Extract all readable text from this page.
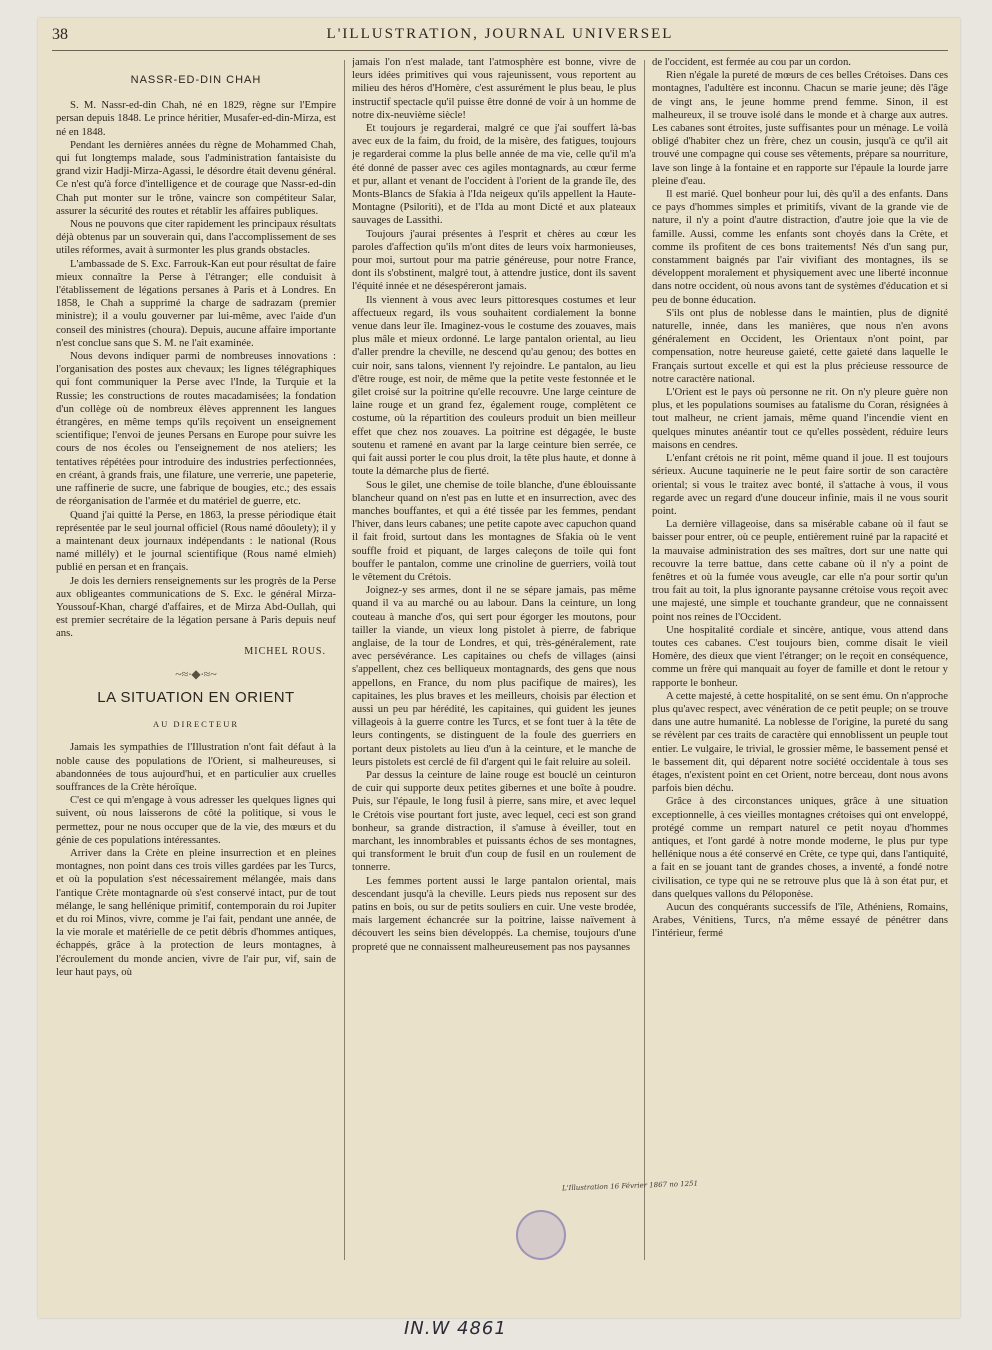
38	L'ILLUSTRATION, JOURNAL UNIVERSEL
NASSR-ED-DIN CHAH

S. M. Nassr-ed-din Chah, né en 1829, règne sur l'Empire persan depuis 1848. Le prince héritier, Musafer-ed-din-Mirza, est né en 1848.

Pendant les dernières années du règne de Mohammed Chah, qui fut longtemps malade, sous l'administration fantaisiste du grand vizir Hadji-Mirza-Agassi, le désordre était devenu général. Ce n'est qu'à force d'intelligence et de courage que Nassr-ed-din Chah put monter sur le trône, vaincre son compétiteur Salar, assurer la sécurité des routes et rétablir les affaires publiques.

Nous ne pouvons que citer rapidement les principaux résultats déjà obtenus par un souverain qui, dans l'accomplissement de ses utiles réformes, avait à surmonter les plus grands obstacles.

L'ambassade de S. Exc. Farrouk-Kan eut pour résultat de faire mieux connaître la Perse à l'étranger; elle conduisit à l'établissement de légations persanes à Paris et à Londres. En 1858, le Chah a supprimé la charge de sadrazam (premier ministre); il a voulu gouverner par lui-même, avec l'aide d'un conseil des ministres (choura). Depuis, aucune affaire importante n'est conclue sans que S. M. ne l'ait examinée.

Nous devons indiquer parmi de nombreuses innovations : l'organisation des postes aux chevaux; les lignes télégraphiques qui font communiquer la Perse avec l'Inde, la Turquie et la Russie; les constructions de routes macadamisées; la fondation d'un collège où de nombreux élèves apprennent les langues étrangères, en même temps qu'ils reçoivent un enseignement scientifique; l'envoi de jeunes Persans en Europe pour suivre les cours de nos écoles ou l'enseignement de nos ateliers; les tentatives répétées pour introduire des industries perfectionnées, en créant, à grands frais, une filature, une verrerie, une papeterie, une raffinerie de sucre, une fabrique de bougies, etc.; des essais de réorganisation de l'armée et du matériel de guerre, etc.

Quand j'ai quitté la Perse, en 1863, la presse périodique était représentée par le seul journal officiel (Rous namé dôoulety); il y a maintenant deux journaux indépendants : le national (Rous namé millély) et le journal scientifique (Rous namé elmieh) publié en persan et en français.

Je dois les derniers renseignements sur les progrès de la Perse aux obligeantes communications de S. Exc. le général Mirza-Youssouf-Khan, chargé d'affaires, et de Mirza Abd-Oullah, qui est premier secrétaire de la légation persane à Paris depuis neuf ans.

MICHEL ROUS.
~≈∙◆∙≈~
LA SITUATION EN ORIENT
AU DIRECTEUR

Jamais les sympathies de l'Illustration n'ont fait défaut à la noble cause des populations de l'Orient, si malheureuses, si abandonnées de tous aujourd'hui, et en particulier aux cruelles souffrances de la Crète héroïque.

C'est ce qui m'engage à vous adresser les quelques lignes qui suivent, où nous laisserons de côté la politique, si vous le permettez, pour ne nous occuper que de la vie, des mœurs et du génie de ces populations intéressantes.

Arriver dans la Crète en pleine insurrection et en pleines montagnes, non point dans ces trois villes gardées par les Turcs, et où la population s'est nécessairement mélangée, mais dans l'antique Crète montagnarde où s'est conservé intact, pur de tout mélange, le sang hellénique primitif, contemporain du roi Jupiter et du roi Minos, vivre, comme je l'ai fait, pendant une année, de la vie morale et matérielle de ce petit débris d'hommes antiques, échappés, grâce à la protection de leurs montagnes, à l'écroulement du monde ancien, vivre de l'air pur, vif, sain de leur haut pays, où

jamais l'on n'est malade, tant l'atmosphère est bonne, vivre de leurs idées primitives qui vous rajeunissent, vous reportent au milieu des héros d'Homère, c'est assurément le plus beau, le plus instructif spectacle qu'il puisse être donné de voir à un homme de notre dix-neuvième siècle!

Et toujours je regarderai, malgré ce que j'ai souffert là-bas avec eux de la faim, du froid, de la misère, des fatigues, toujours je regarderai comme la plus belle année de ma vie, celle qu'il m'a été donné de passer avec ces agiles montagnards, au cœur ferme et pur, allant et venant de l'occident à l'orient de la grande île, des Monts-Blancs de Sfakia à l'Ida neigeux qu'ils appellent la Haute-Montagne (Psiloriti), et de l'Ida au mont Dicté et aux plateaux sauvages de Lassithi.

Toujours j'aurai présentes à l'esprit et chères au cœur les paroles d'affection qu'ils m'ont dites de leurs voix harmonieuses, pour moi, surtout pour ma patrie généreuse, pour notre France, dont ils s'obstinent, malgré tout, à attendre justice, dont ils savent l'équité innée et ne désespéreront jamais.

Ils viennent à vous avec leurs pittoresques costumes et leur affectueux regard, ils vous souhaitent cordialement la bonne venue dans leur île. Imaginez-vous le costume des zouaves, mais plus mâle et mieux ordonné. Le large pantalon oriental, au lieu d'aller prendre la cheville, ne descend qu'au genou; des bottes en cuir noir, sans talons, viennent l'y rejoindre. Le pantalon, au lieu d'être rouge, est noir, de même que la petite veste festonnée et le gilet croisé sur la poitrine qu'elle recouvre. Une large ceinture de laine rouge et un grand fez, également rouge, complètent ce costume, où la répartition des couleurs produit un bien meilleur effet que chez nos zouaves. La poitrine est dégagée, le buste soutenu et ramené en avant par la large ceinture bien serrée, ce qui fait aussi porter le cou plus droit, la tête plus haute, et donne à toute la démarche plus de fierté.

Sous le gilet, une chemise de toile blanche, d'une éblouissante blancheur quand on n'est pas en lutte et en insurrection, avec des manches bouffantes, et qui a été tissée par les femmes, pendant l'hiver, dans leurs cabanes; une petite capote avec capuchon quand il fait froid, surtout dans les montagnes de Sfakia où le vent souffle froid et piquant, de larges caleçons de toile qui font bouffer le pantalon, comme une crinoline de guerriers, voilà tout le vêtement du Crétois.

Joignez-y ses armes, dont il ne se sépare jamais, pas même quand il va au marché ou au labour. Dans la ceinture, un long couteau à manche d'os, qui sert pour égorger les moutons, pour tailler la viande, un vieux long pistolet à pierre, de fabrique anglaise, de la tour de Londres, et qui, très-généralement, rate avec persévérance. Les capitaines ou chefs de villages (ainsi s'appellent, chez ces belliqueux montagnards, des gens que nous appellons, en France, du nom plus pacifique de maires), les capitaines, les plus braves et les meilleurs, choisis par élection et aussi un peu par hérédité, les capitaines, qui guident les jeunes villageois à la guerre contre les Turcs, et se font tuer à la tête de leurs contingents, se distinguent de la foule des guerriers en portant deux pistolets au lieu d'un à la ceinture, et le manche de leurs pistolets est cerclé de fil d'argent qui le fait reluire au soleil.

Par dessus la ceinture de laine rouge est bouclé un ceinturon de cuir qui supporte deux petites gibernes et une boîte à poudre. Puis, sur l'épaule, le long fusil à pierre, sans mire, et avec lequel le Crétois vise pourtant fort juste, avec lequel, ceci est son grand bonheur, sa grande distraction, il s'amuse à éveiller, tout en marchant, les innombrables et puissants échos de ses montagnes, qui transforment le bruit d'un coup de fusil en un roulement de tonnerre.

Les femmes portent aussi le large pantalon oriental, mais descendant jusqu'à la cheville. Leurs pieds nus reposent sur des patins en bois, ou sur de petits souliers en cuir. Une veste brodée, mais largement échancrée sur la poitrine, laisse naïvement à découvert les seins bien développés. La chemise, toujours d'une propreté que ne connaissent malheureusement pas nos paysannes

de l'occident, est fermée au cou par un cordon.

Rien n'égale la pureté de mœurs de ces belles Crétoises. Dans ces montagnes, l'adultère est inconnu. Chacun se marie jeune; dès l'âge de vingt ans, le jeune homme prend femme. Sinon, il est malheureux, il se trouve isolé dans le monde et à charge aux autres. Les cabanes sont étroites, juste suffisantes pour un ménage. Le voilà obligé d'habiter chez un frère, chez un cousin, jusqu'à ce qu'il ait trouvé une compagne qui couse ses vêtements, prépare sa nourriture, lave son linge à la fontaine et en rapporte sur l'épaule la lourde jarre pleine d'eau.

Il est marié. Quel bonheur pour lui, dès qu'il a des enfants. Dans ce pays d'hommes simples et primitifs, vivant de la grande vie de nature, il n'y a point d'autre distraction, d'autre joie que la vie de famille. Aussi, comme les enfants sont choyés dans la Crète, et comme ils profitent de ces bons traitements! Nés d'un sang pur, constamment baignés par l'air vivifiant des montagnes, ils se développent moralement et physiquement avec une liberté inconnue dans notre occident, où nous avons tant de systèmes d'éducation et si peu de bonne éducation.

S'ils ont plus de noblesse dans le maintien, plus de dignité naturelle, innée, dans les manières, que nous n'en avons généralement en Occident, les Orientaux n'ont point, par compensation, notre heureuse gaieté, cette gaieté dans laquelle le Français surtout excelle et qui est la plus précieuse ressource de notre caractère national.

L'Orient est le pays où personne ne rit. On n'y pleure guère non plus, et les populations soumises au fatalisme du Coran, résignées à tout malheur, ne crient jamais, même quand l'incendie vient en quelques minutes anéantir tout ce qu'elles possèdent, réduire leurs maisons en cendres.

L'enfant crétois ne rit point, même quand il joue. Il est toujours sérieux. Aucune taquinerie ne le peut faire sortir de son caractère oriental; si vous le traitez avec bonté, il s'attache à vous, il vous regarde avec un regard d'une douceur infinie, mais il ne vous sourit point.

La dernière villageoise, dans sa misérable cabane où il faut se baisser pour entrer, où ce peuple, entièrement ruiné par la rapacité et la mauvaise administration des ses maîtres, dort sur une natte qui recouvre la terre battue, dans cette cabane où il n'y a point de fenêtres et où la fumée vous aveugle, car elle n'a pour sortir qu'un trou fait au toit, la plus ignorante paysanne crétoise vous reçoit avec une majesté, une simple et touchante grandeur, que ne connaissent point nos reines de l'Occident.

Une hospitalité cordiale et sincère, antique, vous attend dans toutes ces cabanes. C'est toujours bien, comme disait le vieil Homère, des dieux que vient l'étranger; on le reçoit en conséquence, comme un frère qui manquait au foyer de famille et dont le retour y rapporte le bonheur.

A cette majesté, à cette hospitalité, on se sent ému. On n'approche plus qu'avec respect, avec vénération de ce petit peuple; on se trouve dans une autre humanité. La noblesse de l'origine, la pureté du sang se révèlent par ces traits de caractère qui ennoblissent un peuple tout entier. Le vulgaire, le trivial, le grossier même, le bassement pensé et le bassement dit, qui déparent notre société occidentale à tous ses étages, n'existent point en cet Orient, notre berceau, dont nous avons parfois bien déchu.

Grâce à des circonstances uniques, grâce à une situation exceptionnelle, à ces vieilles montagnes crétoises qui ont enveloppé, protégé comme un rempart naturel ce petit noyau d'hommes antiques, et l'ont gardé à notre monde moderne, le plus pur type hellénique nous a été conservé en Crète, ce type qui, dans l'antiquité, a fait en se jouant tant de grandes choses, a inventé, a fondé notre civilisation, ce type qui ne se retrouve plus que là à son état pur, et dans quelques vallons du Péloponèse.

Aucun des conquérants successifs de l'île, Athéniens, Romains, Arabes, Vénitiens, Turcs, n'a même essayé de pénétrer dans l'intérieur, fermé

L'Illustration 16 Février 1867 no 1251
IN.W 4861
